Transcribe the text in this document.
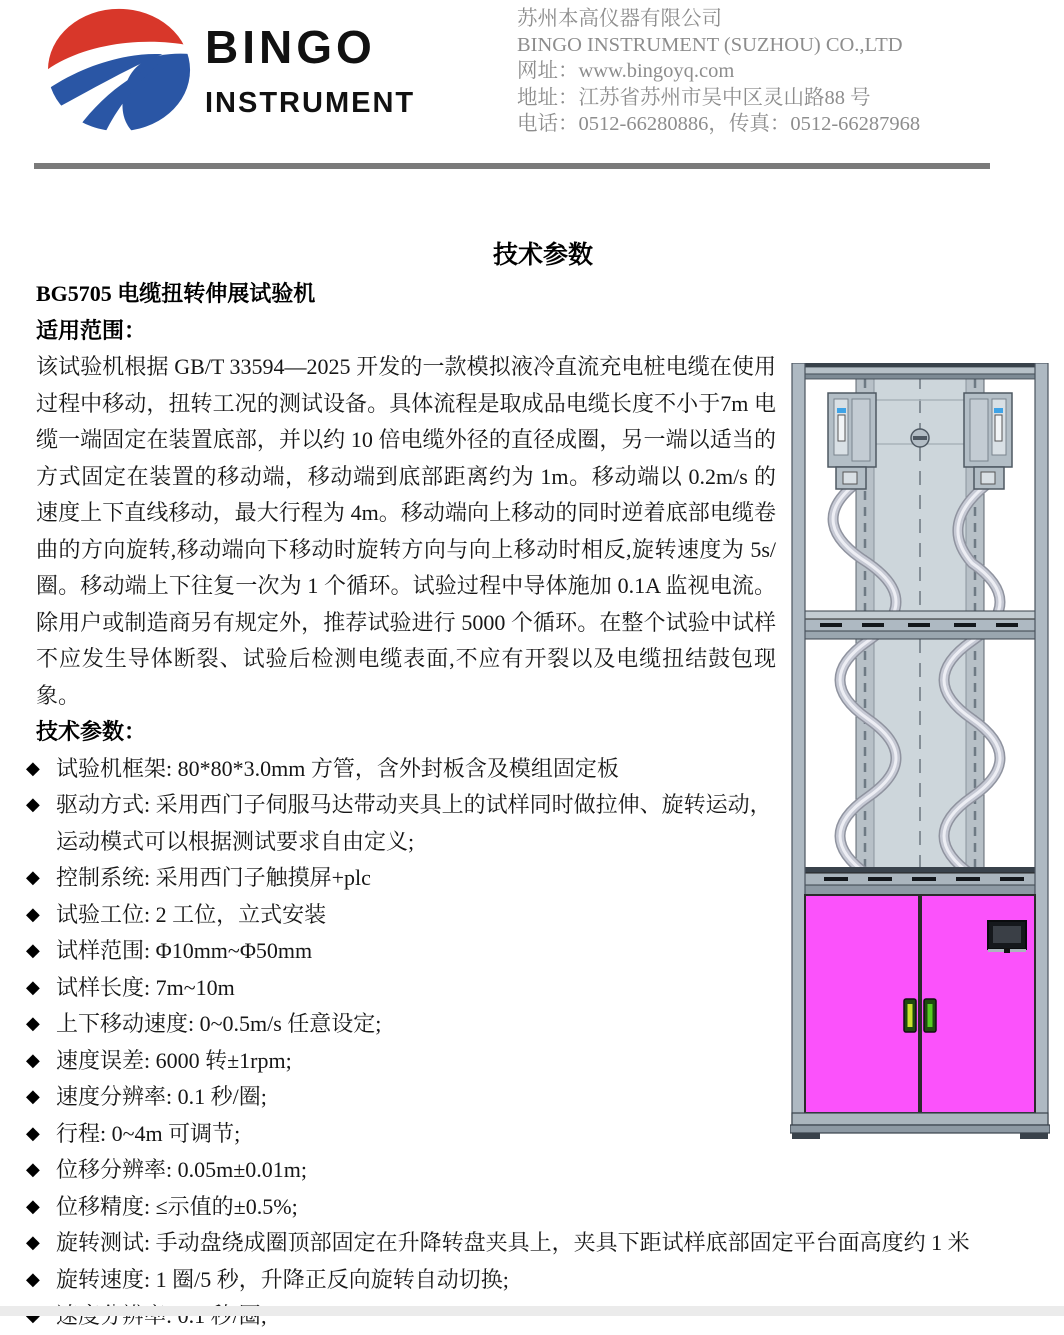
BINGO
INSTRUMENT
苏州本高仪器有限公司
BINGO INSTRUMENT (SUZHOU) CO.,LTD
网址：www.bingoyq.com
地址：江苏省苏州市吴中区灵山路88 号
电话：0512-66280886，传真：0512-66287968
技术参数
BG5705 电缆扭转伸展试验机
适用范围：

该试验机根据 GB/T 33594—2025 开发的一款模拟液冷直流充电桩电缆在使用过程中移动，扭转工况的测试设备。具体流程是取成品电缆长度不小于7m 电缆一端固定在装置底部，并以约 10 倍电缆外径的直径成圈，另一端以适当的方式固定在装置的移动端，移动端到底部距离约为 1m。移动端以 0.2m/s 的速度上下直线移动，最大行程为 4m。移动端向上移动的同时逆着底部电缆卷曲的方向旋转,移动端向下移动时旋转方向与向上移动时相反,旋转速度为 5s/圈。移动端上下往复一次为 1 个循环。试验过程中导体施加 0.1A 监视电流。除用户或制造商另有规定外，推荐试验进行 5000 个循环。在整个试验中试样不应发生导体断裂、试验后检测电缆表面,不应有开裂以及电缆扭结鼓包现象。

技术参数：
◆ 试验机框架: 80*80*3.0mm 方管，含外封板含及模组固定板
◆ 驱动方式: 采用西门子伺服马达带动夹具上的试样同时做拉伸、旋转运动，运动模式可以根据测试要求自由定义;
◆ 控制系统: 采用西门子触摸屏+plc
◆ 试验工位: 2 工位，立式安装
◆ 试样范围: Φ10mm~Φ50mm
◆ 试样长度: 7m~10m
◆ 上下移动速度: 0~0.5m/s 任意设定;
◆ 速度误差: 6000 转±1rpm;
◆ 速度分辨率: 0.1 秒/圈;
◆ 行程: 0~4m 可调节;
◆ 位移分辨率: 0.05m±0.01m;
◆ 位移精度: ≤示值的±0.5%;
◆ 旋转测试: 手动盘绕成圈顶部固定在升降转盘夹具上，夹具下距试样底部固定平台面高度约 1 米
◆ 旋转速度: 1 圈/5 秒，升降正反向旋转自动切换;
